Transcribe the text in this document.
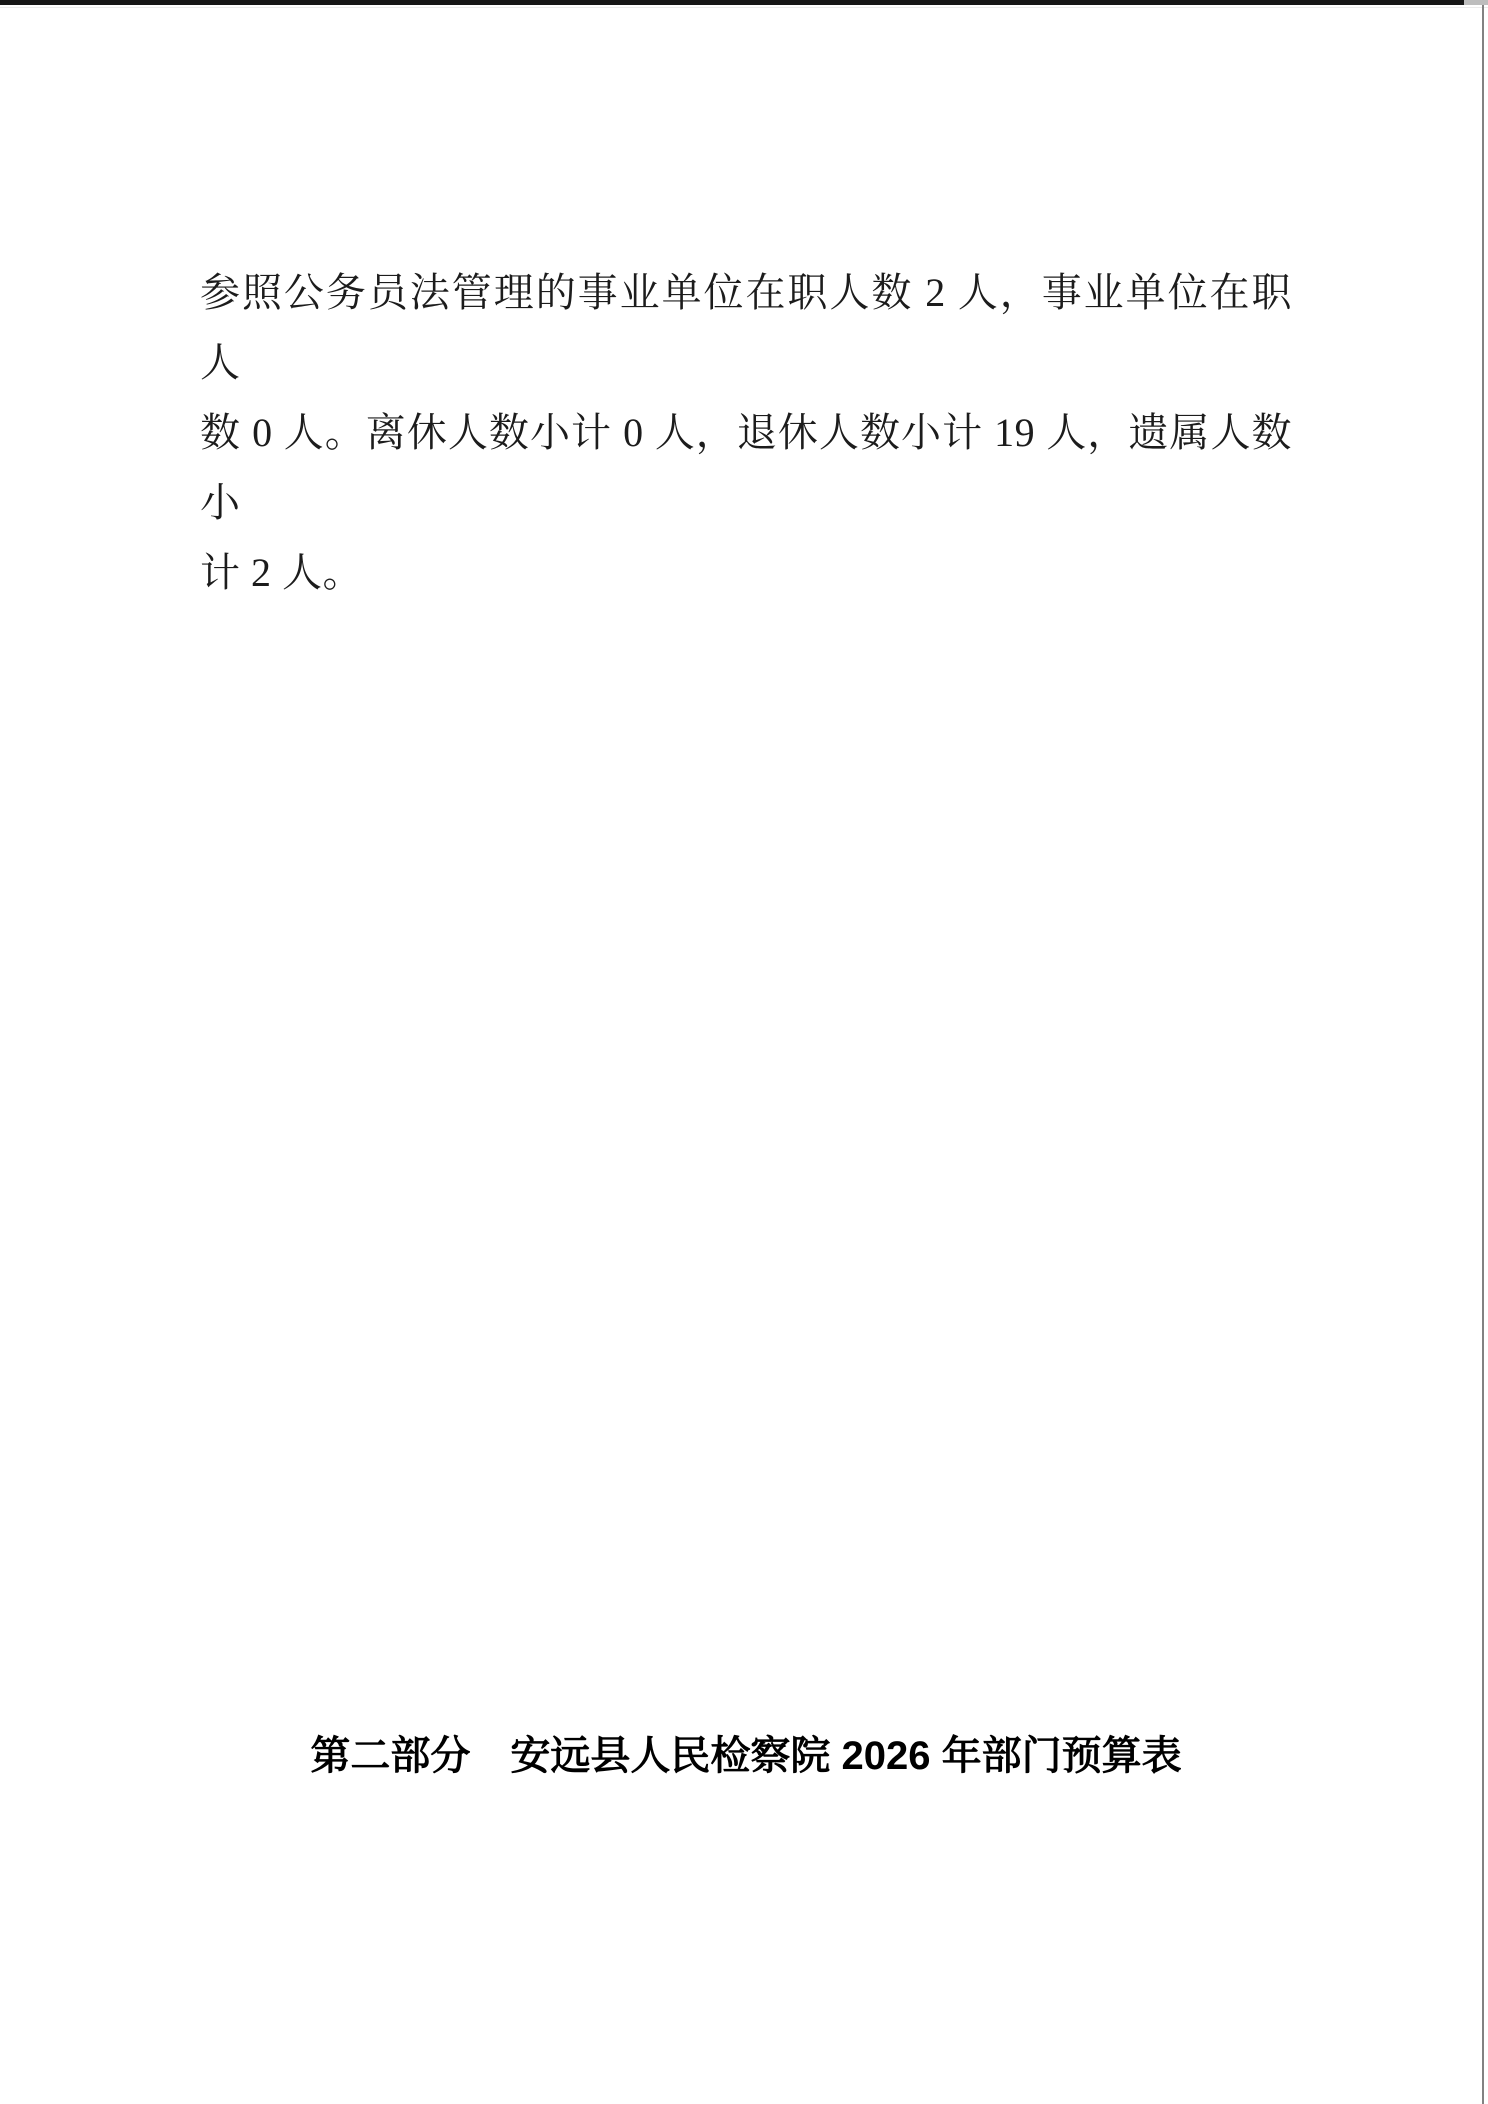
参照公务员法管理的事业单位在职人数 2 人，事业单位在职人
数 0 人。离休人数小计 0 人，退休人数小计 19 人，遗属人数小
计 2 人。
第二部分　安远县人民检察院 2026 年部门预算表
